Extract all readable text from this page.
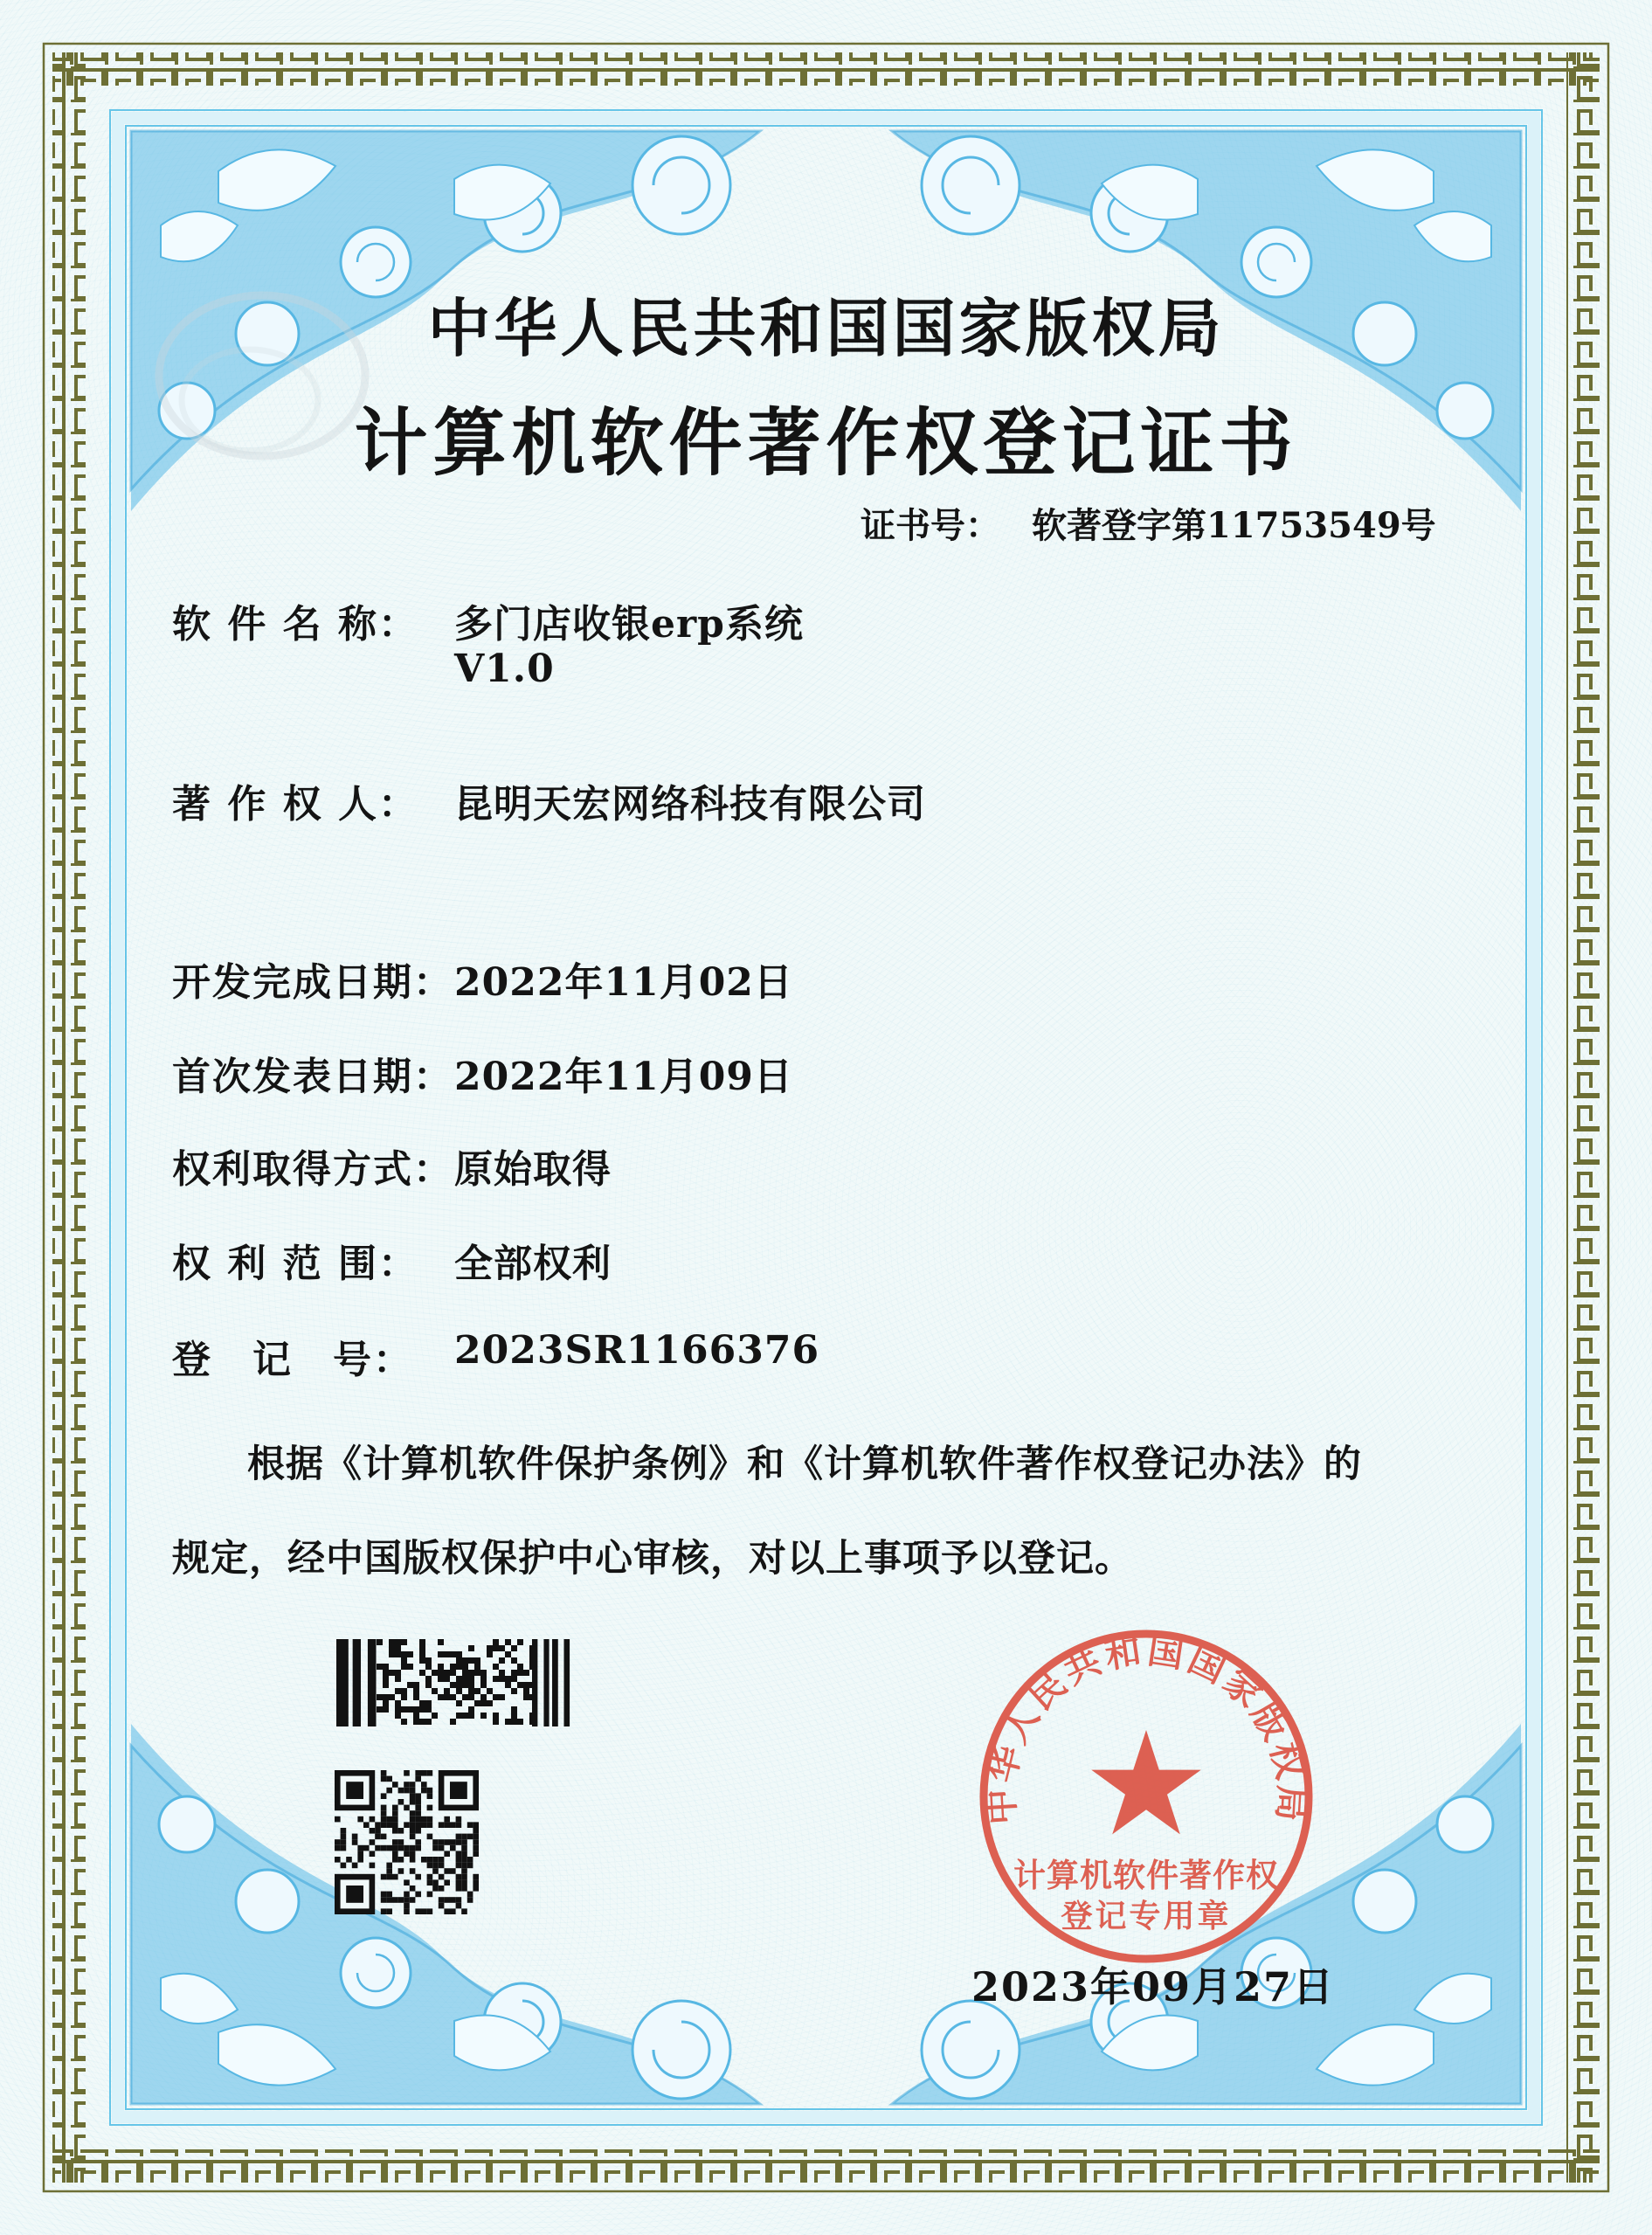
中华人民共和国国家版权局
计算机软件著作权登记证书
证书号： 软著登字第11753549号
软 件 名 称： 多门店收银erp系统
V1.0
著 作 权 人： 昆明天宏网络科技有限公司
开发完成日期： 2022年11月02日
首次发表日期： 2022年11月09日
权利取得方式： 原始取得
权 利 范 围： 全部权利
登　记　号： 2023SR1166376
根据《计算机软件保护条例》和《计算机软件著作权登记办法》的
规定，经中国版权保护中心审核，对以上事项予以登记。
中华人民共和国国家版权局
计算机软件著作权
登记专用章
2023年09月27日
